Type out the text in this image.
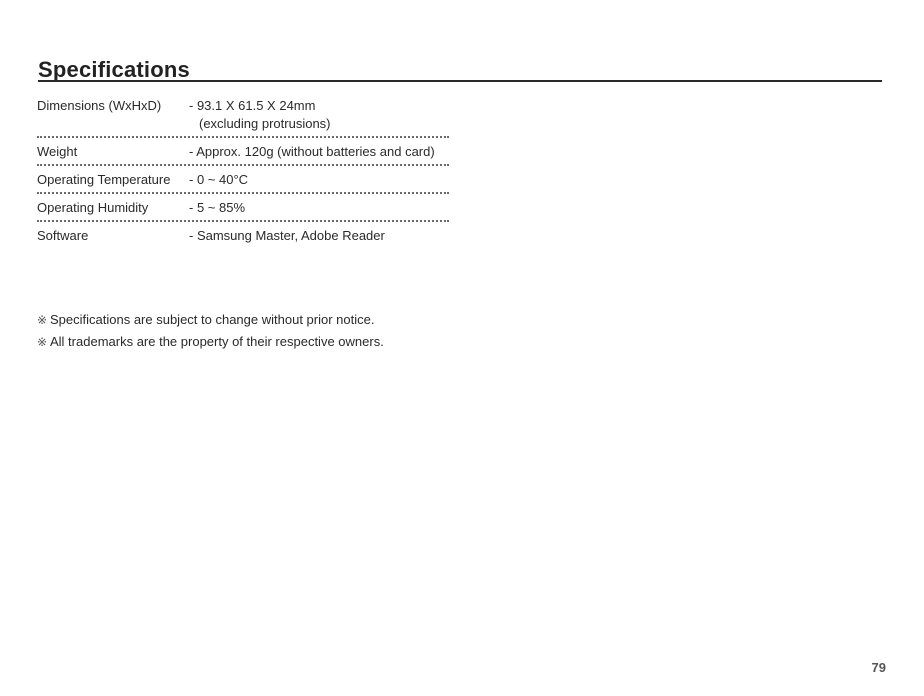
Specifications
Dimensions (WxHxD)	- 93.1 X 61.5 X 24mm
(excluding protrusions)
Weight	- Approx. 120g (without batteries and card)
Operating Temperature	- 0 ~ 40°C
Operating Humidity	- 5 ~ 85%
Software	- Samsung Master, Adobe Reader
※ Specifications are subject to change without prior notice.
※ All trademarks are the property of their respective owners.
79
